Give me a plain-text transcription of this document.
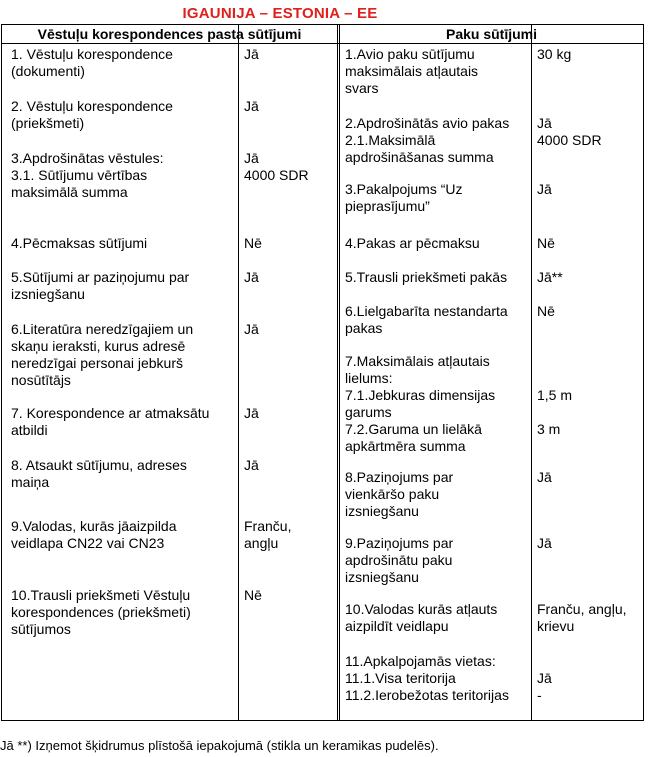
IGAUNIJA – ESTONIA – EE
Vēstuļu korespondences pasta sūtījumi	Paku sūtījumi
1. Vēstuļu korespondence
(dokumenti)
Jā
2. Vēstuļu korespondence
(priekšmeti)
Jā
3.Apdrošinātas vēstules:
3.1. Sūtījumu vērtības
maksimālā summa
Jā
4000 SDR
4.Pēcmaksas sūtījumi	Nē
5.Sūtījumi ar paziņojumu par
izsniegšanu
Jā
6.Literatūra neredzīgajiem un
skaņu ieraksti, kurus adresē
neredzīgai personai jebkurš
nosūtītājs
Jā
7. Korespondence ar atmaksātu
atbildi
Jā
8. Atsaukt sūtījumu, adreses
maiņa
Jā
9.Valodas, kurās jāaizpilda
veidlapa CN22 vai CN23
Franču,
angļu
10.Trausli priekšmeti Vēstuļu
korespondences (priekšmeti)
sūtījumos
Nē
1.Avio paku sūtījumu
maksimālais atļautais
svars
30 kg
2.Apdrošinātās avio pakas
2.1.Maksimālā
apdrošināšanas summa
Jā
4000 SDR
3.Pakalpojums “Uz
pieprasījumu”
Jā
4.Pakas ar pēcmaksu	Nē
5.Trausli priekšmeti pakās Jā**
6.Lielgabarīta nestandarta
pakas
Nē
7.Maksimālais atļautais
lielums:
7.1.Jebkuras dimensijas
garums
7.2.Garuma un lielākā
apkārtmēra summa

1,5 m

3 m
8.Paziņojums par
vienkāršo paku
izsniegšanu
Jā
9.Paziņojums par
apdrošinātu paku
izsniegšanu
Jā
10.Valodas kurās atļauts
aizpildīt veidlapu
Franču, angļu,
krievu
11.Apkalpojamās vietas:
11.1.Visa teritorija
11.2.Ierobežotas teritorijas

Jā
-
Jā **) Izņemot šķidrumus plīstošā iepakojumā (stikla un keramikas pudelēs).
